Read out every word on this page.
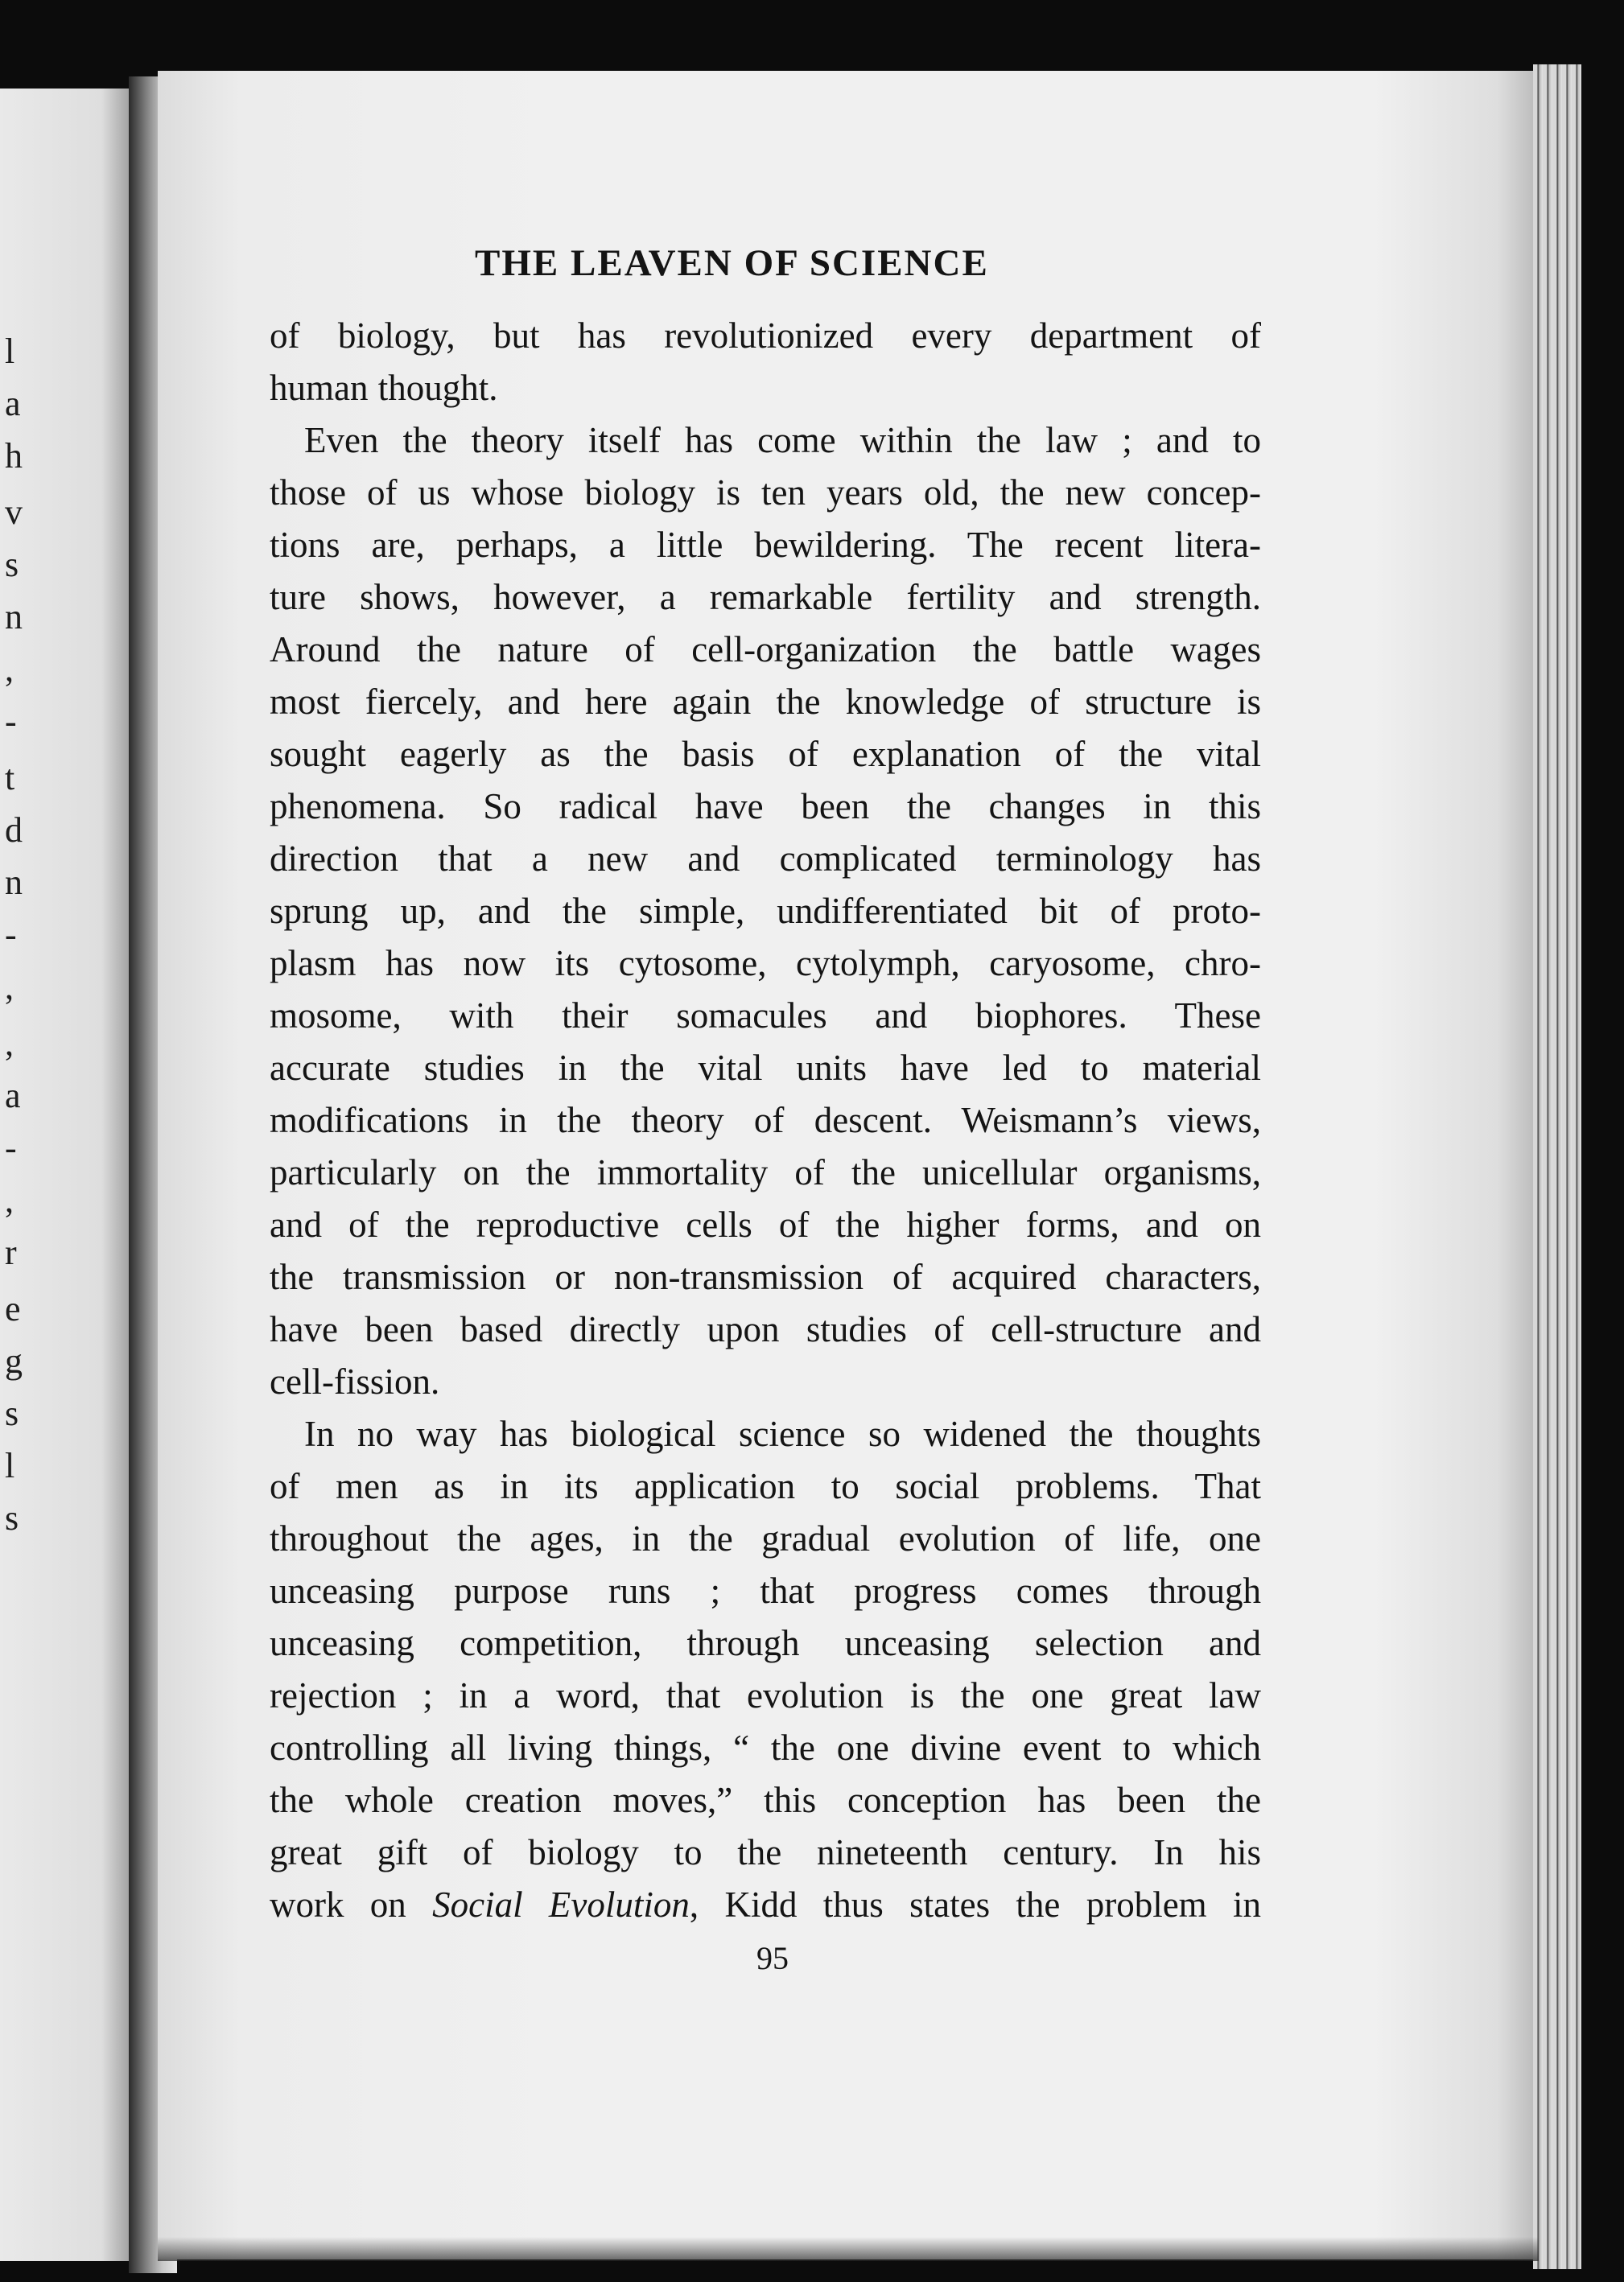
l
a
h
v
s
n
,
-
t
d
n
-
,
,
a
-
,
r
e
g
s
l
s
THE LEAVEN OF SCIENCE
of biology, but has revolutionized every department of
human thought.
Even the theory itself has come within the law ; and to
those of us whose biology is ten years old, the new concep-
tions are, perhaps, a little bewildering. The recent litera-
ture shows, however, a remarkable fertility and strength.
Around the nature of cell-organization the battle wages
most fiercely, and here again the knowledge of structure is
sought eagerly as the basis of explanation of the vital
phenomena. So radical have been the changes in this
direction that a new and complicated terminology has
sprung up, and the simple, undifferentiated bit of proto-
plasm has now its cytosome, cytolymph, caryosome, chro-
mosome, with their somacules and biophores. These
accurate studies in the vital units have led to material
modifications in the theory of descent. Weismann’s views,
particularly on the immortality of the unicellular organisms,
and of the reproductive cells of the higher forms, and on
the transmission or non-transmission of acquired characters,
have been based directly upon studies of cell-structure and
cell-fission.
In no way has biological science so widened the thoughts
of men as in its application to social problems. That
throughout the ages, in the gradual evolution of life, one
unceasing purpose runs ; that progress comes through
unceasing competition, through unceasing selection and
rejection ; in a word, that evolution is the one great law
controlling all living things, “ the one divine event to which
the whole creation moves,” this conception has been the
great gift of biology to the nineteenth century. In his
work on Social Evolution, Kidd thus states the problem in
95
